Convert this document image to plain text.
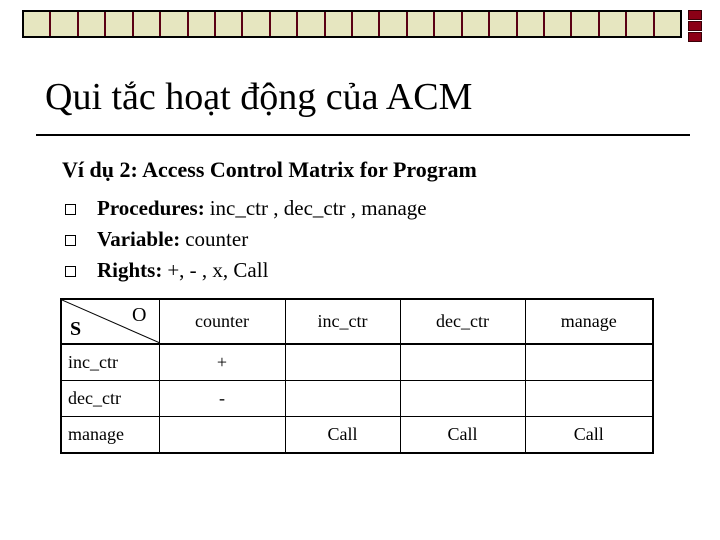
Qui tắc hoạt động của ACM
Ví dụ 2: Access Control Matrix for Program
Procedures: inc_ctr , dec_ctr , manage
Variable: counter
Rights: +, - , x, Call
S
O	counter	inc_ctr	dec_ctr	manage
inc_ctr	+			
dec_ctr	-			
manage		Call	Call	Call
